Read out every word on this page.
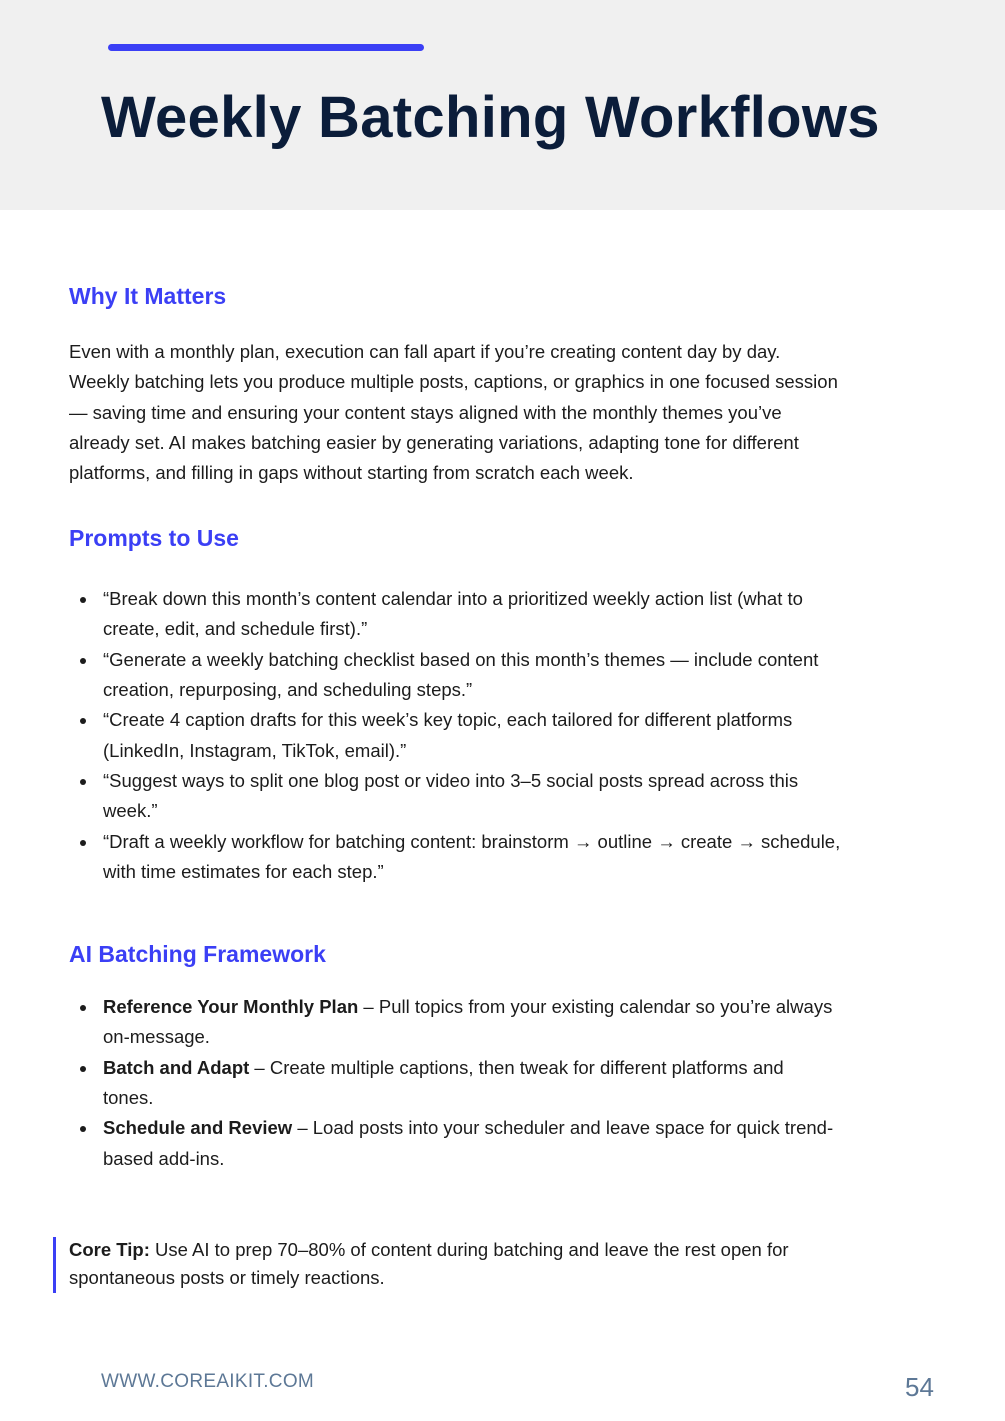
Weekly Batching Workflows
Why It Matters
Even with a monthly plan, execution can fall apart if you’re creating content day by day.
Weekly batching lets you produce multiple posts, captions, or graphics in one focused session
— saving time and ensuring your content stays aligned with the monthly themes you’ve
already set. AI makes batching easier by generating variations, adapting tone for different
platforms, and filling in gaps without starting from scratch each week.
Prompts to Use
“Break down this month’s content calendar into a prioritized weekly action list (what to
create, edit, and schedule first).”
“Generate a weekly batching checklist based on this month’s themes — include content
creation, repurposing, and scheduling steps.”
“Create 4 caption drafts for this week’s key topic, each tailored for different platforms
(LinkedIn, Instagram, TikTok, email).”
“Suggest ways to split one blog post or video into 3–5 social posts spread across this
week.”
“Draft a weekly workflow for batching content: brainstorm → outline → create → schedule,
with time estimates for each step.”
AI Batching Framework
Reference Your Monthly Plan – Pull topics from your existing calendar so you’re always
on-message.
Batch and Adapt – Create multiple captions, then tweak for different platforms and
tones.
Schedule and Review – Load posts into your scheduler and leave space for quick trend-
based add-ins.
Core Tip: Use AI to prep 70–80% of content during batching and leave the rest open for
spontaneous posts or timely reactions.
WWW.COREAIKIT.COM	54
